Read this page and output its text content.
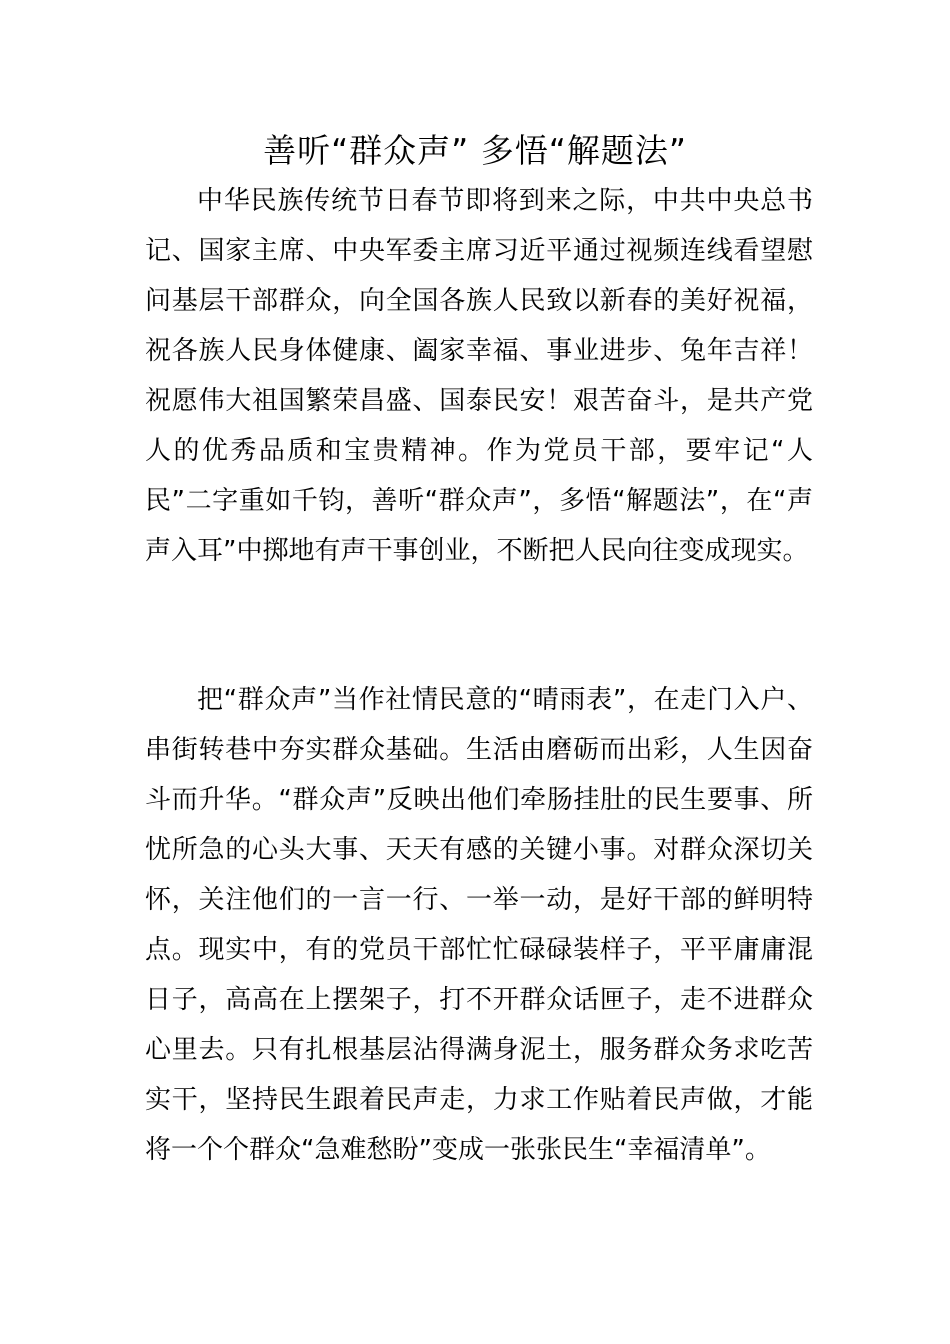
善听“群众声” 多悟“解题法”

中华民族传统节日春节即将到来之际，中共中央总书记、国家主席、中央军委主席习近平通过视频连线看望慰问基层干部群众，向全国各族人民致以新春的美好祝福，祝各族人民身体健康、阖家幸福、事业进步、兔年吉祥！祝愿伟大祖国繁荣昌盛、国泰民安！艰苦奋斗，是共产党人的优秀品质和宝贵精神。作为党员干部，要牢记“人民”二字重如千钧，善听“群众声”，多悟“解题法”，在“声声入耳”中掷地有声干事创业，不断把人民向往变成现实。

把“群众声”当作社情民意的“晴雨表”，在走门入户、串街转巷中夯实群众基础。生活由磨砺而出彩，人生因奋斗而升华。“群众声”反映出他们牵肠挂肚的民生要事、所忧所急的心头大事、天天有感的关键小事。对群众深切关怀，关注他们的一言一行、一举一动，是好干部的鲜明特点。现实中，有的党员干部忙忙碌碌装样子，平平庸庸混日子，高高在上摆架子，打不开群众话匣子，走不进群众心里去。只有扎根基层沾得满身泥土，服务群众务求吃苦实干，坚持民生跟着民声走，力求工作贴着民声做，才能将一个个群众“急难愁盼”变成一张张民生“幸福清单”。
